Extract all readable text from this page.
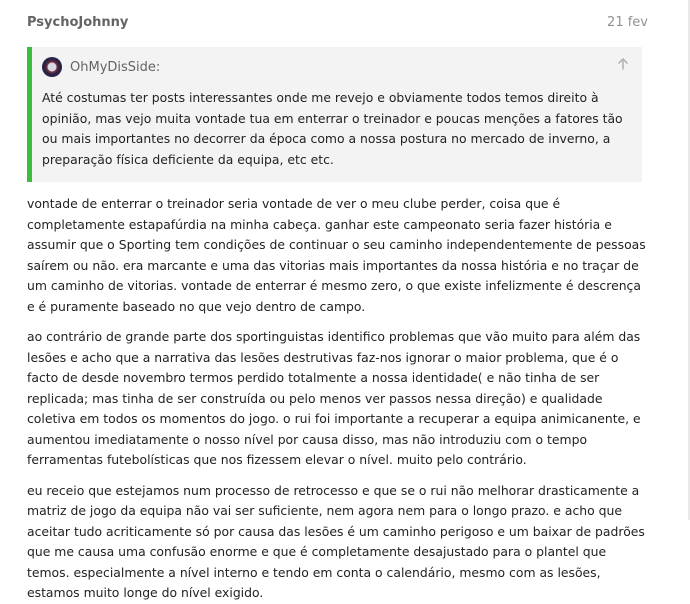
PsychoJohnny	21 fev
OhMyDisSide:
Até costumas ter posts interessantes onde me revejo e obviamente todos temos direito à opinião, mas vejo muita vontade tua em enterrar o treinador e poucas menções a fatores tão ou mais importantes no decorrer da época como a nossa postura no mercado de inverno, a preparação física deficiente da equipa, etc etc.

vontade de enterrar o treinador seria vontade de ver o meu clube perder, coisa que é completamente estapafúrdia na minha cabeça. ganhar este campeonato seria fazer história e assumir que o Sporting tem condições de continuar o seu caminho independentemente de pessoas saírem ou não. era marcante e uma das vitorias mais importantes da nossa história e no traçar de um caminho de vitorias. vontade de enterrar é mesmo zero, o que existe infelizmente é descrença e é puramente baseado no que vejo dentro de campo.

ao contrário de grande parte dos sportinguistas identifico problemas que vão muito para além das lesões e acho que a narrativa das lesões destrutivas faz-nos ignorar o maior problema, que é o facto de desde novembro termos perdido totalmente a nossa identidade( e não tinha de ser replicada; mas tinha de ser construída ou pelo menos ver passos nessa direção) e qualidade coletiva em todos os momentos do jogo. o rui foi importante a recuperar a equipa animicanente, e aumentou imediatamente o nosso nível por causa disso, mas não introduziu com o tempo ferramentas futebolísticas que nos fizessem elevar o nível. muito pelo contrário.

eu receio que estejamos num processo de retrocesso e que se o rui não melhorar drasticamente a matriz de jogo da equipa não vai ser suficiente, nem agora nem para o longo prazo. e acho que aceitar tudo acriticamente só por causa das lesões é um caminho perigoso e um baixar de padrões que me causa uma confusão enorme e que é completamente desajustado para o plantel que temos. especialmente a nível interno e tendo em conta o calendário, mesmo com as lesões, estamos muito longe do nível exigido.
